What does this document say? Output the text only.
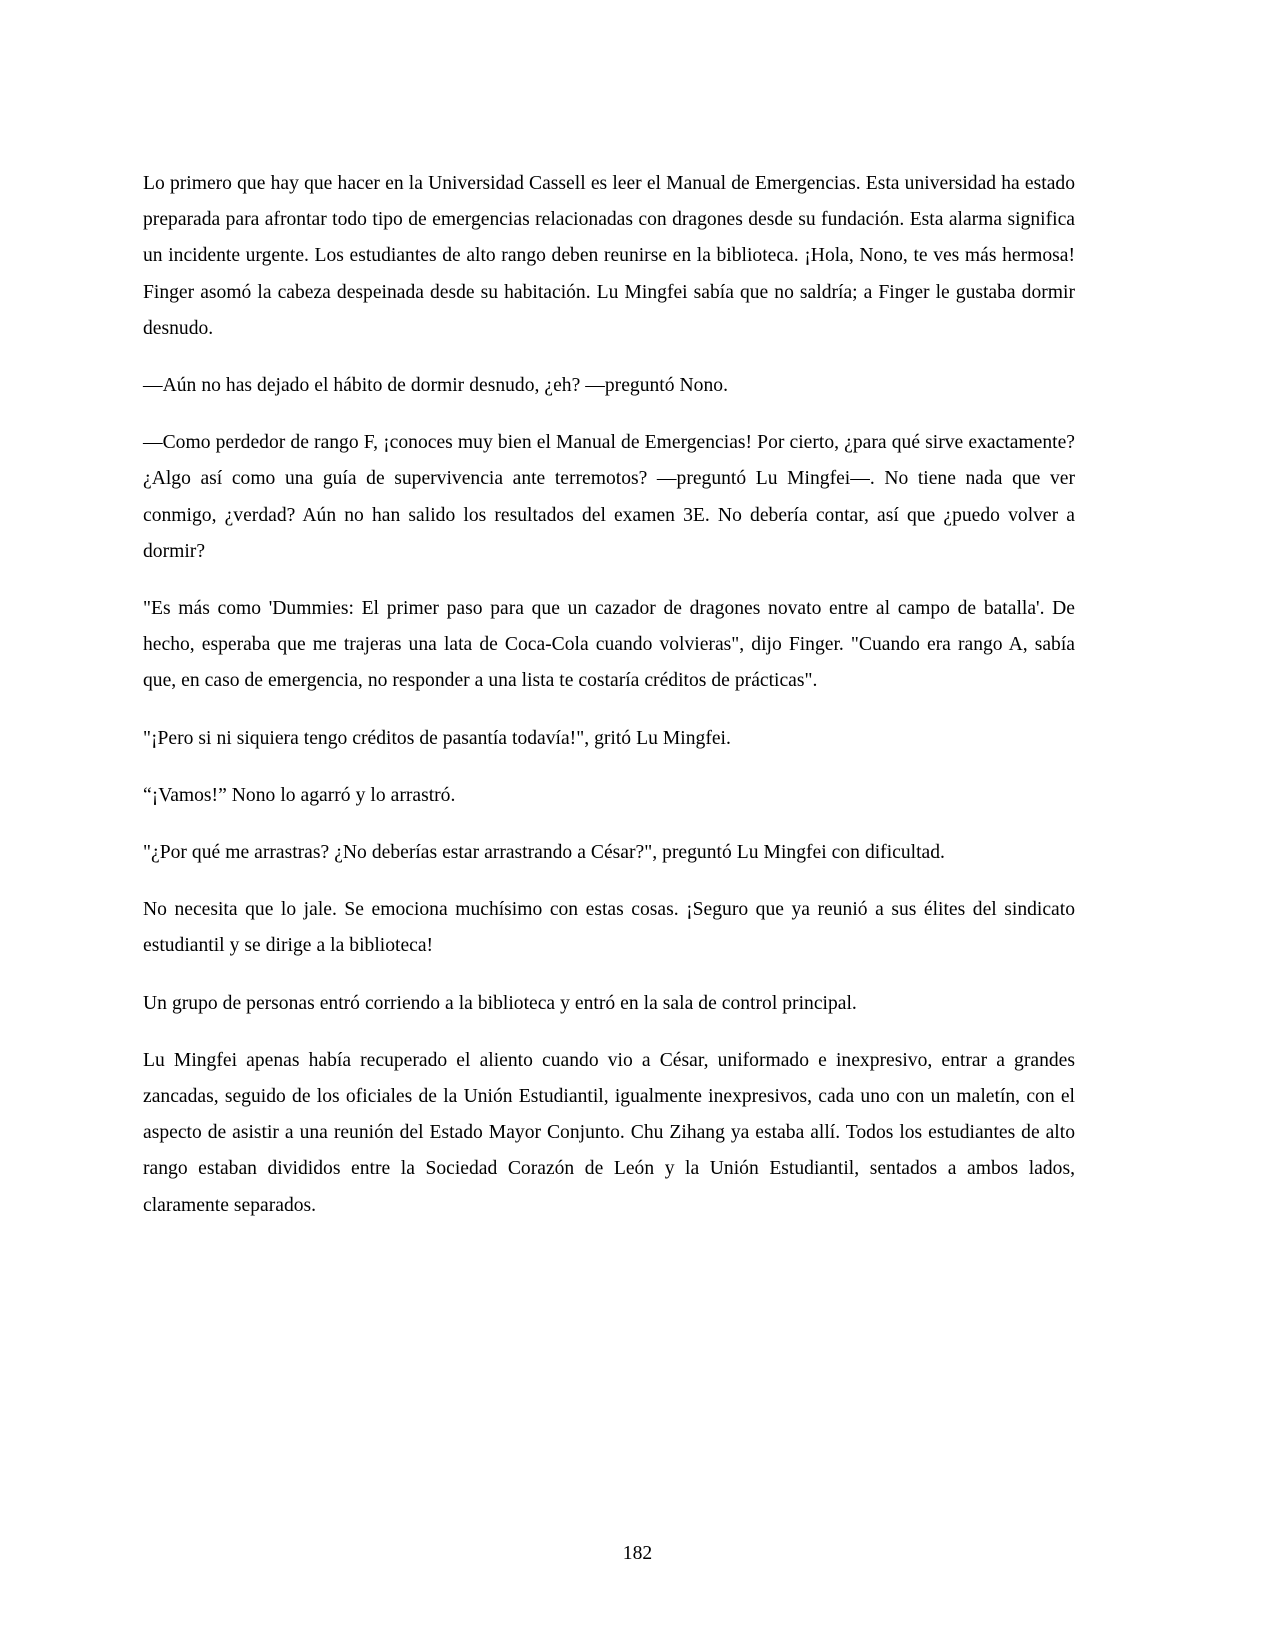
Lo primero que hay que hacer en la Universidad Cassell es leer el Manual de Emergencias. Esta universidad ha estado preparada para afrontar todo tipo de emergencias relacionadas con dragones desde su fundación. Esta alarma significa un incidente urgente. Los estudiantes de alto rango deben reunirse en la biblioteca. ¡Hola, Nono, te ves más hermosa! Finger asomó la cabeza despeinada desde su habitación. Lu Mingfei sabía que no saldría; a Finger le gustaba dormir desnudo.

—Aún no has dejado el hábito de dormir desnudo, ¿eh? —preguntó Nono.

—Como perdedor de rango F, ¡conoces muy bien el Manual de Emergencias! Por cierto, ¿para qué sirve exactamente? ¿Algo así como una guía de supervivencia ante terremotos? —preguntó Lu Mingfei—. No tiene nada que ver conmigo, ¿verdad? Aún no han salido los resultados del examen 3E. No debería contar, así que ¿puedo volver a dormir?

"Es más como 'Dummies: El primer paso para que un cazador de dragones novato entre al campo de batalla'. De hecho, esperaba que me trajeras una lata de Coca-Cola cuando volvieras", dijo Finger. "Cuando era rango A, sabía que, en caso de emergencia, no responder a una lista te costaría créditos de prácticas".

"¡Pero si ni siquiera tengo créditos de pasantía todavía!", gritó Lu Mingfei.

“¡Vamos!” Nono lo agarró y lo arrastró.

"¿Por qué me arrastras? ¿No deberías estar arrastrando a César?", preguntó Lu Mingfei con dificultad.

No necesita que lo jale. Se emociona muchísimo con estas cosas. ¡Seguro que ya reunió a sus élites del sindicato estudiantil y se dirige a la biblioteca!

Un grupo de personas entró corriendo a la biblioteca y entró en la sala de control principal.

Lu Mingfei apenas había recuperado el aliento cuando vio a César, uniformado e inexpresivo, entrar a grandes zancadas, seguido de los oficiales de la Unión Estudiantil, igualmente inexpresivos, cada uno con un maletín, con el aspecto de asistir a una reunión del Estado Mayor Conjunto. Chu Zihang ya estaba allí. Todos los estudiantes de alto rango estaban divididos entre la Sociedad Corazón de León y la Unión Estudiantil, sentados a ambos lados, claramente separados.

182
